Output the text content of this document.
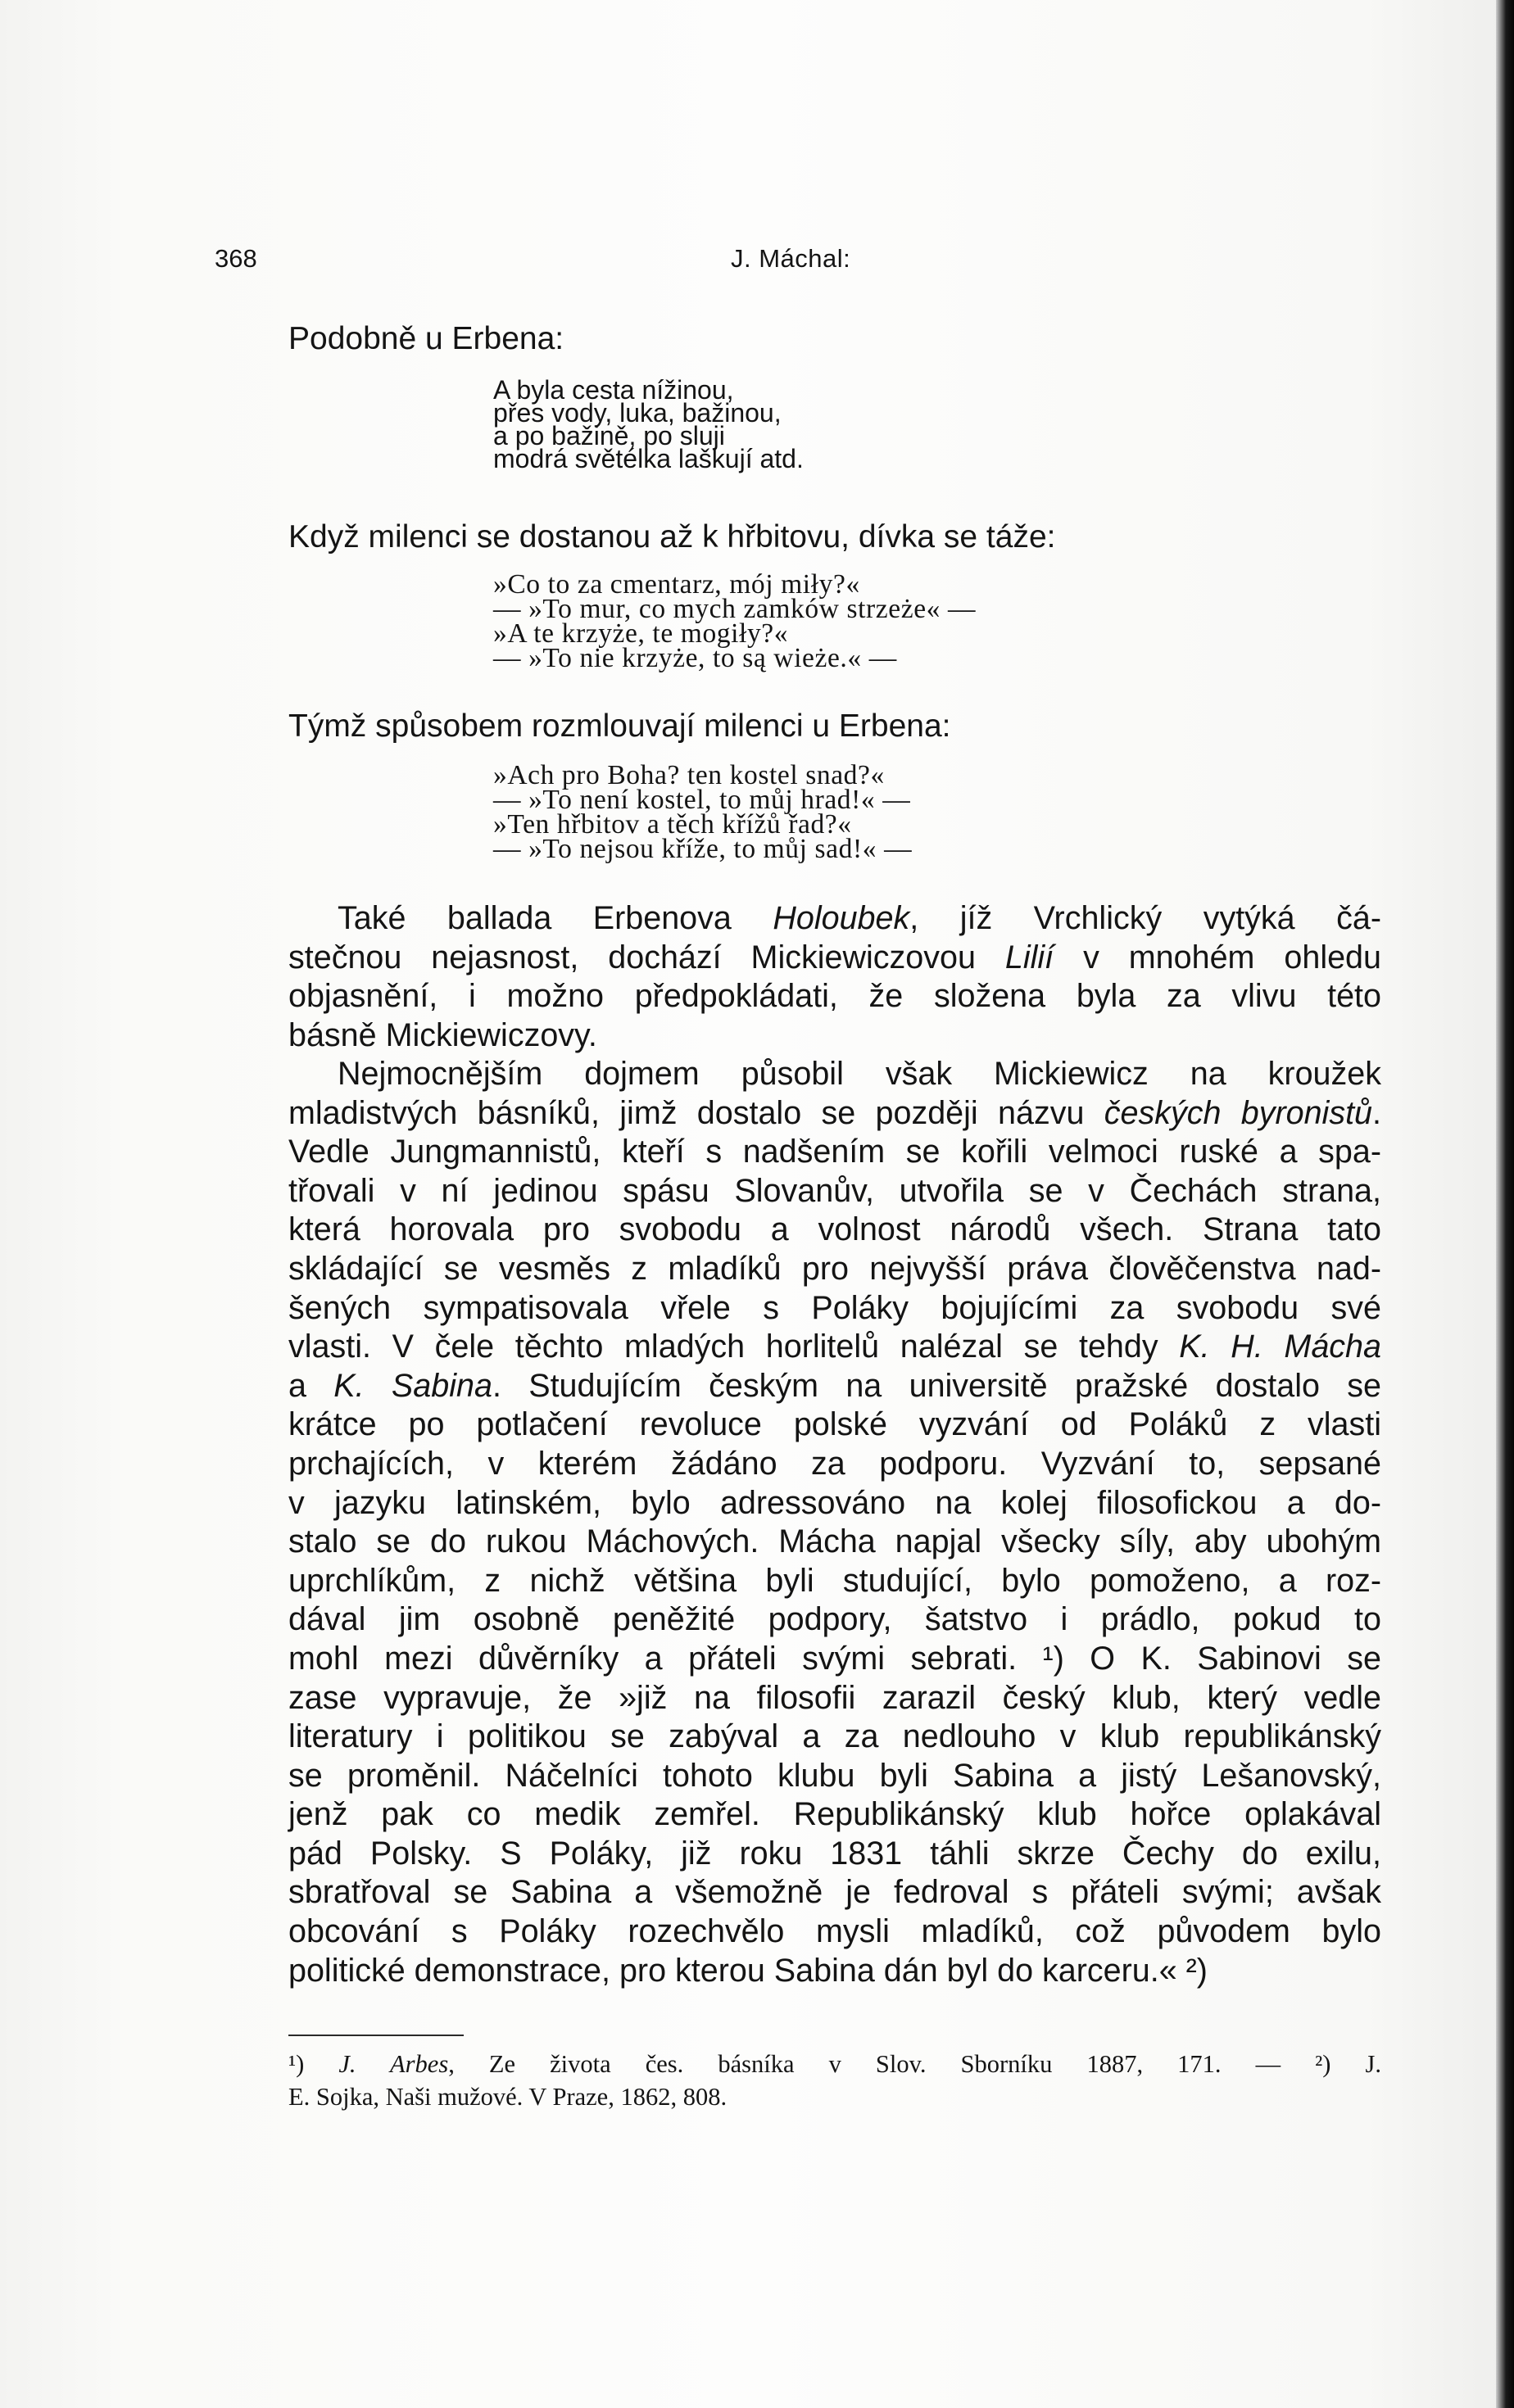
368	J. Máchal:
Podobně u Erbena:
A byla cesta nížinou,
přes vody, luka, bažinou,
a po bažině, po sluji
modrá světélka laškují atd.
Když milenci se dostanou až k hřbitovu, dívka se táže:
»Co to za cmentarz, mój miły?«
— »To mur, co mych zamków strzeże« —
»A te krzyże, te mogiły?«
— »To nie krzyże, to są wieże.« —
Týmž spůsobem rozmlouvají milenci u Erbena:
»Ach pro Boha? ten kostel snad?«
— »To není kostel, to můj hrad!« —
»Ten hřbitov a těch křížů řad?«
— »To nejsou kříže, to můj sad!« —
Také ballada Erbenova Holoubek, jíž Vrchlický vytýká čá-
stečnou nejasnost, dochází Mickiewiczovou Lilií v mnohém ohledu
objasnění, i možno předpokládati, že složena byla za vlivu této
básně Mickiewiczovy.
Nejmocnějším dojmem působil však Mickiewicz na kroužek
mladistvých básníků, jimž dostalo se později názvu českých byronistů.
Vedle Jungmannistů, kteří s nadšením se kořili velmoci ruské a spa-
třovali v ní jedinou spásu Slovanův, utvořila se v Čechách strana,
která horovala pro svobodu a volnost národů všech. Strana tato
skládající se vesměs z mladíků pro nejvyšší práva člověčenstva nad-
šených sympatisovala vřele s Poláky bojujícími za svobodu své
vlasti. V čele těchto mladých horlitelů nalézal se tehdy K. H. Mácha
a K. Sabina. Studujícím českým na universitě pražské dostalo se
krátce po potlačení revoluce polské vyzvání od Poláků z vlasti
prchajících, v kterém žádáno za podporu. Vyzvání to, sepsané
v jazyku latinském, bylo adressováno na kolej filosofickou a do-
stalo se do rukou Máchových. Mácha napjal všecky síly, aby ubohým
uprchlíkům, z nichž většina byli studující, bylo pomoženo, a roz-
dával jim osobně peněžité podpory, šatstvo i prádlo, pokud to
mohl mezi důvěrníky a přáteli svými sebrati. ¹) O K. Sabinovi se
zase vypravuje, že »již na filosofii zarazil český klub, který vedle
literatury i politikou se zabýval a za nedlouho v klub republikánský
se proměnil. Náčelníci tohoto klubu byli Sabina a jistý Lešanovský,
jenž pak co medik zemřel. Republikánský klub hořce oplakával
pád Polsky. S Poláky, již roku 1831 táhli skrze Čechy do exilu,
sbratřoval se Sabina a všemožně je fedroval s přáteli svými; avšak
obcování s Poláky rozechvělo mysli mladíků, což původem bylo
politické demonstrace, pro kterou Sabina dán byl do karceru.« ²)
¹) J. Arbes, Ze života čes. básníka v Slov. Sborníku 1887, 171. — ²) J.
E. Sojka, Naši mužové. V Praze, 1862, 808.
